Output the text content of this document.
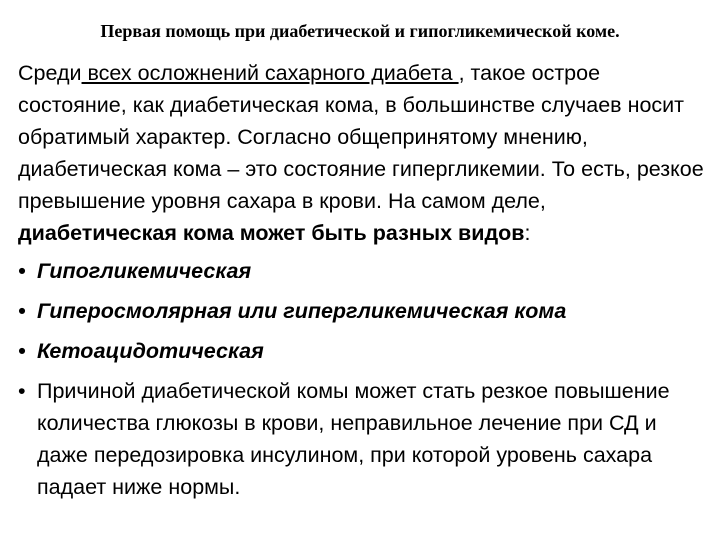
Первая помощь при диабетической и гипогликемической коме.

Среди всех осложнений сахарного диабета , такое острое состояние, как диабетическая кома, в большинстве случаев носит обратимый характер. Согласно общепринятому мнению, диабетическая кома – это состояние гипергликемии. То есть, резкое превышение уровня сахара в крови. На самом деле, диабетическая кома может быть разных видов:

• Гипогликемическая
• Гиперосмолярная или гипергликемическая кома
• Кетоацидотическая
• Причиной диабетической комы может стать резкое повышение количества глюкозы в крови, неправильное лечение при СД и даже передозировка инсулином, при которой уровень сахара падает ниже нормы.
